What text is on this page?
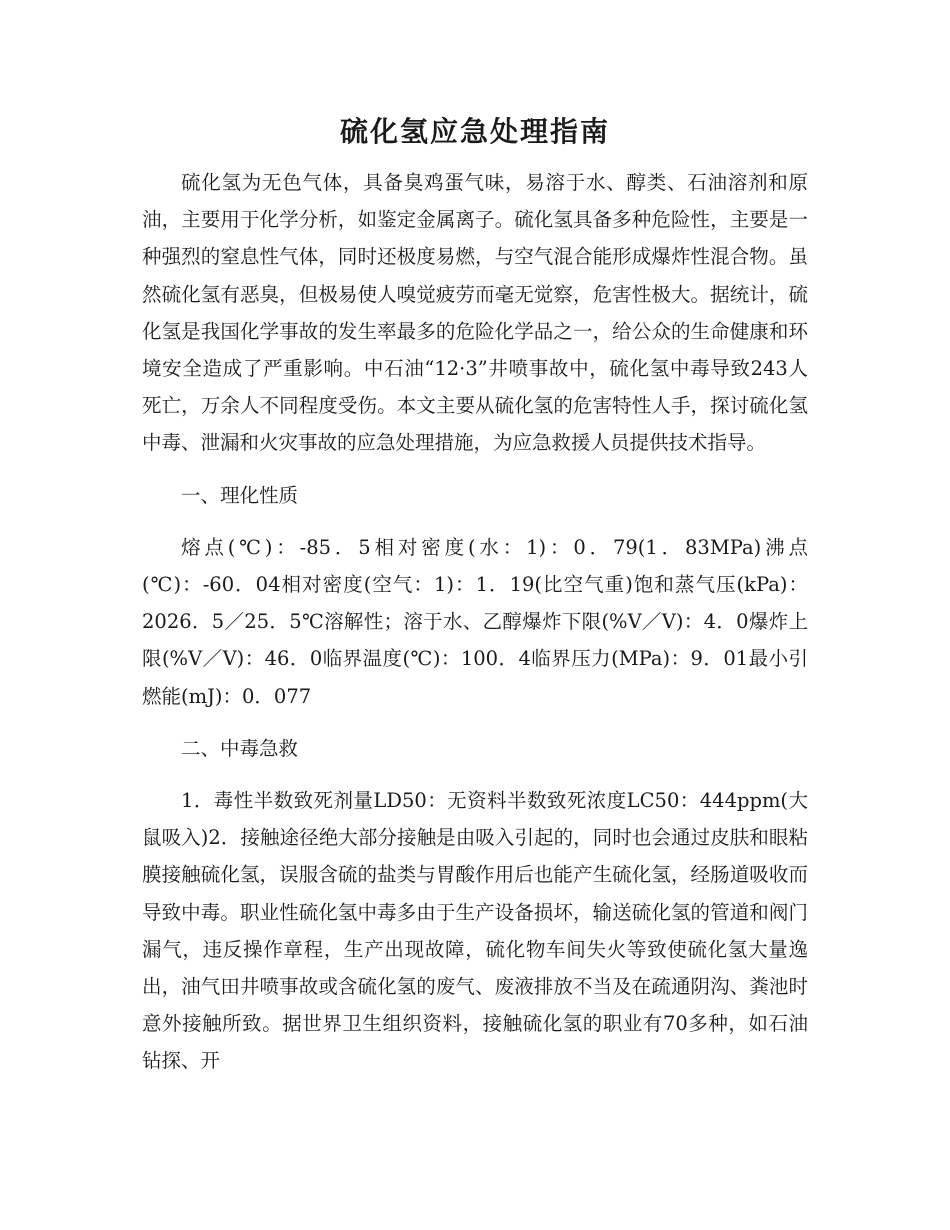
硫化氢应急处理指南

硫化氢为无色气体，具备臭鸡蛋气味，易溶于水、醇类、石油溶剂和原油，主要用于化学分析，如鉴定金属离子。硫化氢具备多种危险性，主要是一种强烈的窒息性气体，同时还极度易燃，与空气混合能形成爆炸性混合物。虽然硫化氢有恶臭，但极易使人嗅觉疲劳而毫无觉察，危害性极大。据统计，硫化氢是我国化学事故的发生率最多的危险化学品之一，给公众的生命健康和环境安全造成了严重影响。中石油“12·3”井喷事故中，硫化氢中毒导致243人死亡，万余人不同程度受伤。本文主要从硫化氢的危害特性人手，探讨硫化氢中毒、泄漏和火灾事故的应急处理措施，为应急救援人员提供技术指导。

一、理化性质

熔点(℃)：-85．5相对密度(水：1)：0．79(1．83MPa)沸点(℃)：-60．04相对密度(空气：1)：1．19(比空气重)饱和蒸气压(kPa)：2026．5／25．5℃溶解性；溶于水、乙醇爆炸下限(%V／V)：4．0爆炸上限(%V／V)：46．0临界温度(℃)：100．4临界压力(MPa)：9．01最小引燃能(mJ)：0．077

二、中毒急救

1．毒性半数致死剂量LD50：无资料半数致死浓度LC50：444ppm(大鼠吸入)2．接触途径绝大部分接触是由吸入引起的，同时也会通过皮肤和眼粘膜接触硫化氢，误服含硫的盐类与胃酸作用后也能产生硫化氢，经肠道吸收而导致中毒。职业性硫化氢中毒多由于生产设备损坏，输送硫化氢的管道和阀门漏气，违反操作章程，生产出现故障，硫化物车间失火等致使硫化氢大量逸出，油气田井喷事故或含硫化氢的废气、废液排放不当及在疏通阴沟、粪池时意外接触所致。据世界卫生组织资料，接触硫化氢的职业有70多种，如石油钻探、开
